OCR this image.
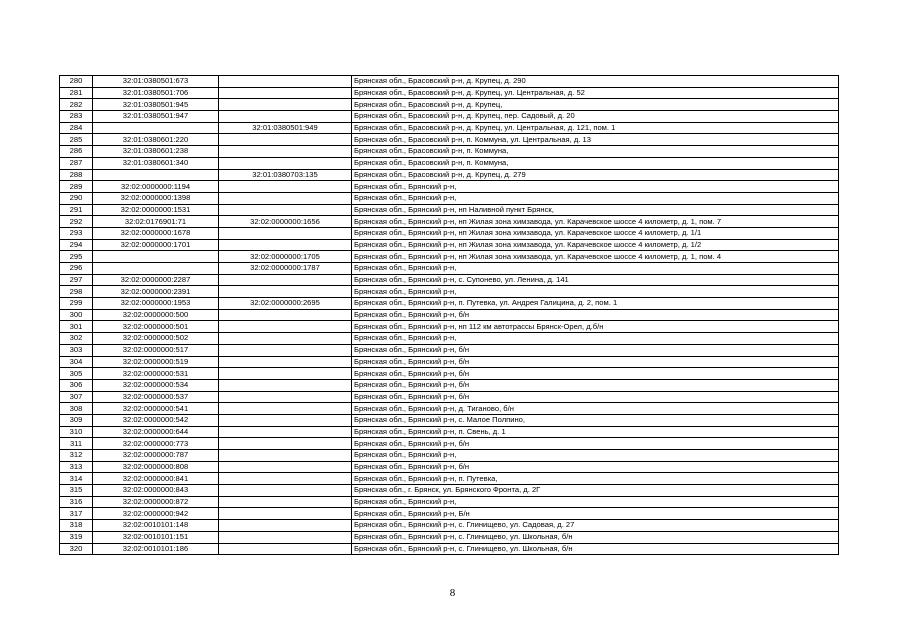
280	32:01:0380501:673		Брянская обл., Брасовский р-н, д. Крупец, д. 290
281	32:01:0380501:706		Брянская обл., Брасовский р-н, д. Крупец, ул. Центральная, д. 52
282	32:01:0380501:945		Брянская обл., Брасовский р-н, д. Крупец,
283	32:01:0380501:947		Брянская обл., Брасовский р-н, д. Крупец, пер. Садовый, д. 20
284		32:01:0380501:949	Брянская обл., Брасовский р-н, д. Крупец, ул. Центральная, д. 121, пом. 1
285	32:01:0380601:220		Брянская обл., Брасовский р-н, п. Коммуна, ул. Центральная, д. 13
286	32:01:0380601:238		Брянская обл., Брасовский р-н, п. Коммуна,
287	32:01:0380601:340		Брянская обл., Брасовский р-н, п. Коммуна,
288		32:01:0380703:135	Брянская обл., Брасовский р-н, д. Крупец, д. 279
289	32:02:0000000:1194		Брянская обл., Брянский р-н,
290	32:02:0000000:1398		Брянская обл., Брянский р-н,
291	32:02:0000000:1531		Брянская обл., Брянский р-н, нп Наливной пункт Брянск,
292	32:02:0176901:71	32:02:0000000:1656	Брянская обл., Брянский р-н, нп Жилая зона химзавода, ул. Карачевское шоссе 4 километр, д. 1, пом. 7
293	32:02:0000000:1678		Брянская обл., Брянский р-н, нп Жилая зона химзавода, ул. Карачевское шоссе 4 километр, д. 1/1
294	32:02:0000000:1701		Брянская обл., Брянский р-н, нп Жилая зона химзавода, ул. Карачевское шоссе 4 километр, д. 1/2
295		32:02:0000000:1705	Брянская обл., Брянский р-н, нп Жилая зона химзавода, ул. Карачевское шоссе 4 километр, д. 1, пом. 4
296		32:02:0000000:1787	Брянская обл., Брянский р-н,
297	32:02:0000000:2287		Брянская обл., Брянский р-н, с. Супонево, ул. Ленина, д. 141
298	32:02:0000000:2391		Брянская обл., Брянский р-н,
299	32:02:0000000:1953	32:02:0000000:2695	Брянская обл., Брянский р-н, п. Путевка, ул. Андрея Галицина, д. 2, пом. 1
300	32:02:0000000:500		Брянская обл., Брянский р-н, б/н
301	32:02:0000000:501		Брянская обл., Брянский р-н, нп 112 км автотрассы Брянск-Орел, д.б/н
302	32:02:0000000:502		Брянская обл., Брянский р-н,
303	32:02:0000000:517		Брянская обл., Брянский р-н, б/н
304	32:02:0000000:519		Брянская обл., Брянский р-н, б/н
305	32:02:0000000:531		Брянская обл., Брянский р-н, б/н
306	32:02:0000000:534		Брянская обл., Брянский р-н, б/н
307	32:02:0000000:537		Брянская обл., Брянский р-н, б/н
308	32:02:0000000:541		Брянская обл., Брянский р-н, д. Тиганово, б/н
309	32:02:0000000:542		Брянская обл., Брянский р-н, с. Малое Полпино,
310	32:02:0000000:644		Брянская обл., Брянский р-н, п. Свень, д. 1
311	32:02:0000000:773		Брянская обл., Брянский р-н, б/н
312	32:02:0000000:787		Брянская обл., Брянский р-н,
313	32:02:0000000:808		Брянская обл., Брянский р-н, б/н
314	32:02:0000000:841		Брянская обл., Брянский р-н, п. Путевка,
315	32:02:0000000:843		Брянская обл., г. Брянск, ул. Брянского Фронта, д. 2Г
316	32:02:0000000:872		Брянская обл., Брянский р-н,
317	32:02:0000000:942		Брянская обл., Брянский р-н, Б/н
318	32:02:0010101:148		Брянская обл., Брянский р-н, с. Глинищево, ул. Садовая, д. 27
319	32:02:0010101:151		Брянская обл., Брянский р-н, с. Глинищево, ул. Школьная, б/н
320	32:02:0010101:186		Брянская обл., Брянский р-н, с. Глинищево, ул. Школьная, б/н
8
